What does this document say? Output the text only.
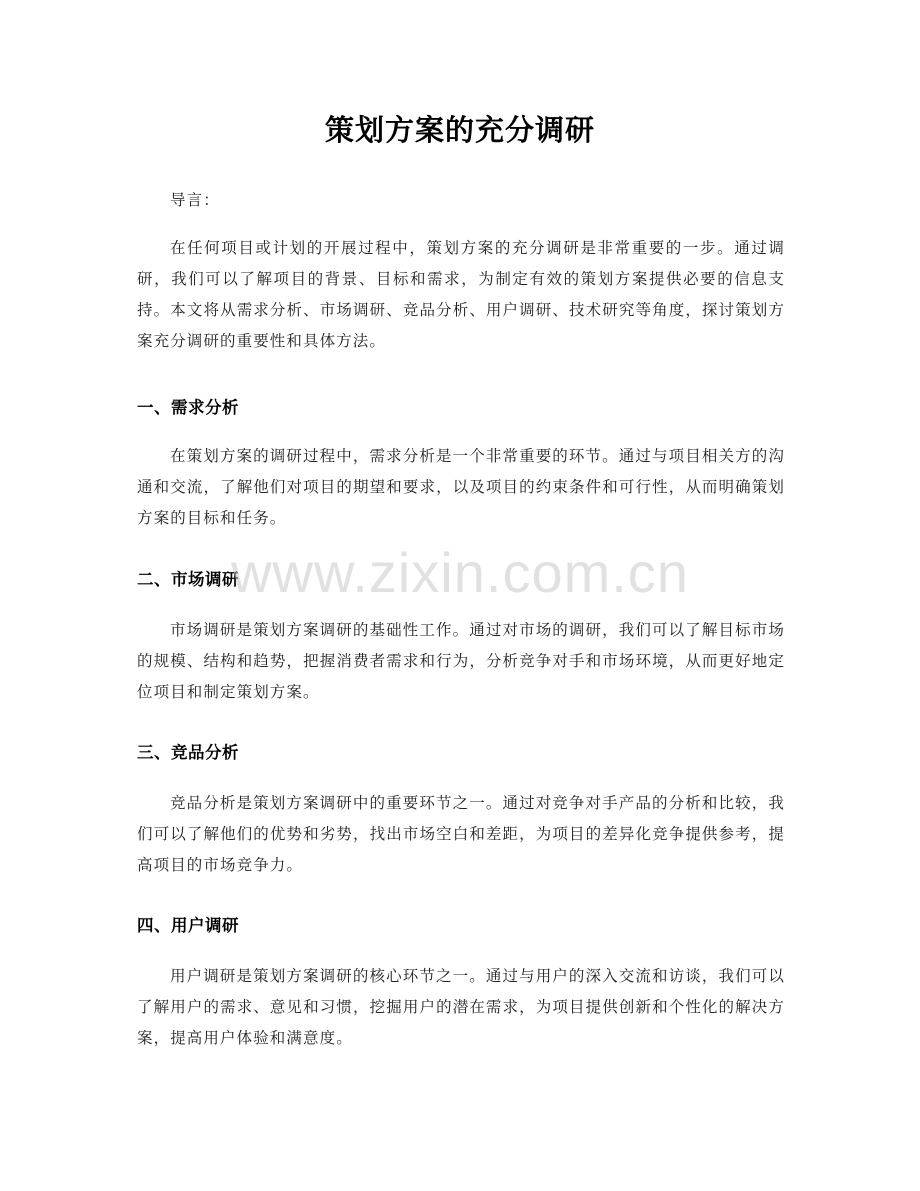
策划方案的充分调研
导言：
在任何项目或计划的开展过程中，策划方案的充分调研是非常重要的一步。通过调研，我们可以了解项目的背景、目标和需求，为制定有效的策划方案提供必要的信息支持。本文将从需求分析、市场调研、竞品分析、用户调研、技术研究等角度，探讨策划方案充分调研的重要性和具体方法。
一、需求分析
在策划方案的调研过程中，需求分析是一个非常重要的环节。通过与项目相关方的沟通和交流，了解他们对项目的期望和要求，以及项目的约束条件和可行性，从而明确策划方案的目标和任务。
二、市场调研
市场调研是策划方案调研的基础性工作。通过对市场的调研，我们可以了解目标市场的规模、结构和趋势，把握消费者需求和行为，分析竞争对手和市场环境，从而更好地定位项目和制定策划方案。
三、竞品分析
竞品分析是策划方案调研中的重要环节之一。通过对竞争对手产品的分析和比较，我们可以了解他们的优势和劣势，找出市场空白和差距，为项目的差异化竞争提供参考，提高项目的市场竞争力。
四、用户调研
用户调研是策划方案调研的核心环节之一。通过与用户的深入交流和访谈，我们可以了解用户的需求、意见和习惯，挖掘用户的潜在需求，为项目提供创新和个性化的解决方案，提高用户体验和满意度。
www.zixin.com.cn
